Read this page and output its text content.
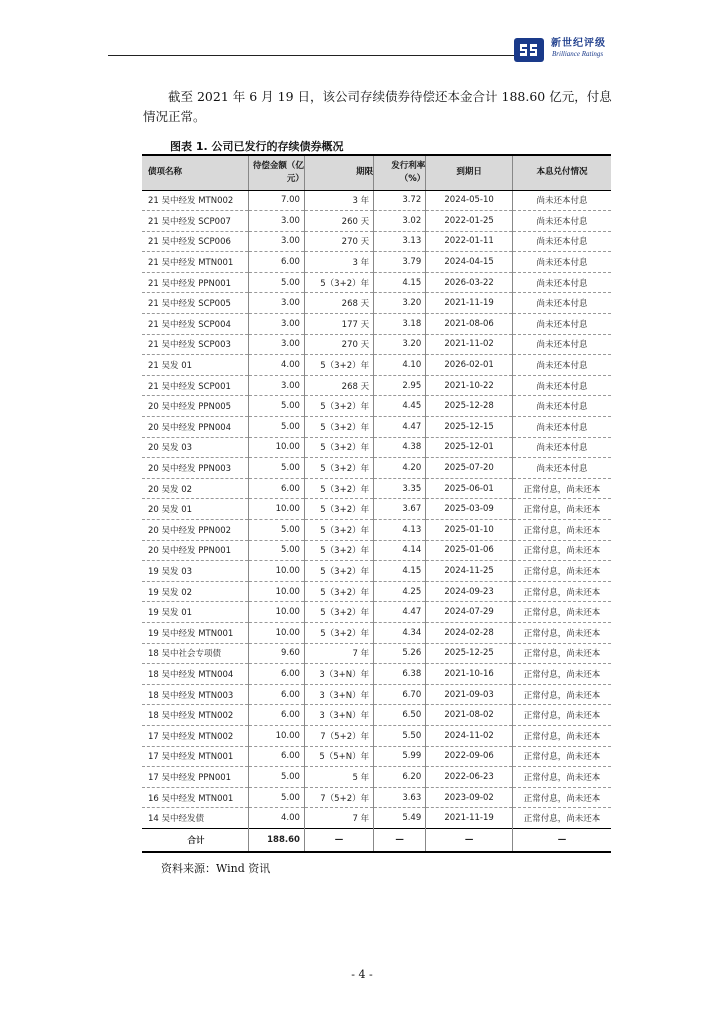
新世纪评级
Brilliance Ratings

截至 2021 年 6 月 19 日，该公司存续债券待偿还本金合计 188.60 亿元，付息情况正常。

图表 1. 公司已发行的存续债券概况
债项名称	待偿金额（亿元）	期限	发行利率（%）	到期日	本息兑付情况
21 吴中经发 MTN002	7.00	3 年	3.72	2024-05-10	尚未还本付息
21 吴中经发 SCP007	3.00	260 天	3.02	2022-01-25	尚未还本付息
21 吴中经发 SCP006	3.00	270 天	3.13	2022-01-11	尚未还本付息
21 吴中经发 MTN001	6.00	3 年	3.79	2024-04-15	尚未还本付息
21 吴中经发 PPN001	5.00	5（3+2）年	4.15	2026-03-22	尚未还本付息
21 吴中经发 SCP005	3.00	268 天	3.20	2021-11-19	尚未还本付息
21 吴中经发 SCP004	3.00	177 天	3.18	2021-08-06	尚未还本付息
21 吴中经发 SCP003	3.00	270 天	3.20	2021-11-02	尚未还本付息
21 吴发 01	4.00	5（3+2）年	4.10	2026-02-01	尚未还本付息
21 吴中经发 SCP001	3.00	268 天	2.95	2021-10-22	尚未还本付息
20 吴中经发 PPN005	5.00	5（3+2）年	4.45	2025-12-28	尚未还本付息
20 吴中经发 PPN004	5.00	5（3+2）年	4.47	2025-12-15	尚未还本付息
20 吴发 03	10.00	5（3+2）年	4.38	2025-12-01	尚未还本付息
20 吴中经发 PPN003	5.00	5（3+2）年	4.20	2025-07-20	尚未还本付息
20 吴发 02	6.00	5（3+2）年	3.35	2025-06-01	正常付息，尚未还本
20 吴发 01	10.00	5（3+2）年	3.67	2025-03-09	正常付息，尚未还本
20 吴中经发 PPN002	5.00	5（3+2）年	4.13	2025-01-10	正常付息，尚未还本
20 吴中经发 PPN001	5.00	5（3+2）年	4.14	2025-01-06	正常付息，尚未还本
19 吴发 03	10.00	5（3+2）年	4.15	2024-11-25	正常付息，尚未还本
19 吴发 02	10.00	5（3+2）年	4.25	2024-09-23	正常付息，尚未还本
19 吴发 01	10.00	5（3+2）年	4.47	2024-07-29	正常付息，尚未还本
19 吴中经发 MTN001	10.00	5（3+2）年	4.34	2024-02-28	正常付息，尚未还本
18 吴中社会专项债	9.60	7 年	5.26	2025-12-25	正常付息，尚未还本
18 吴中经发 MTN004	6.00	3（3+N）年	6.38	2021-10-16	正常付息，尚未还本
18 吴中经发 MTN003	6.00	3（3+N）年	6.70	2021-09-03	正常付息，尚未还本
18 吴中经发 MTN002	6.00	3（3+N）年	6.50	2021-08-02	正常付息，尚未还本
17 吴中经发 MTN002	10.00	7（5+2）年	5.50	2024-11-02	正常付息，尚未还本
17 吴中经发 MTN001	6.00	5（5+N）年	5.99	2022-09-06	正常付息，尚未还本
17 吴中经发 PPN001	5.00	5 年	6.20	2022-06-23	正常付息，尚未还本
16 吴中经发 MTN001	5.00	7（5+2）年	3.63	2023-09-02	正常付息，尚未还本
14 吴中经发债	4.00	7 年	5.49	2021-11-19	正常付息，尚未还本
合计	188.60	—	—	—	—
资料来源：Wind 资讯
- 4 -
